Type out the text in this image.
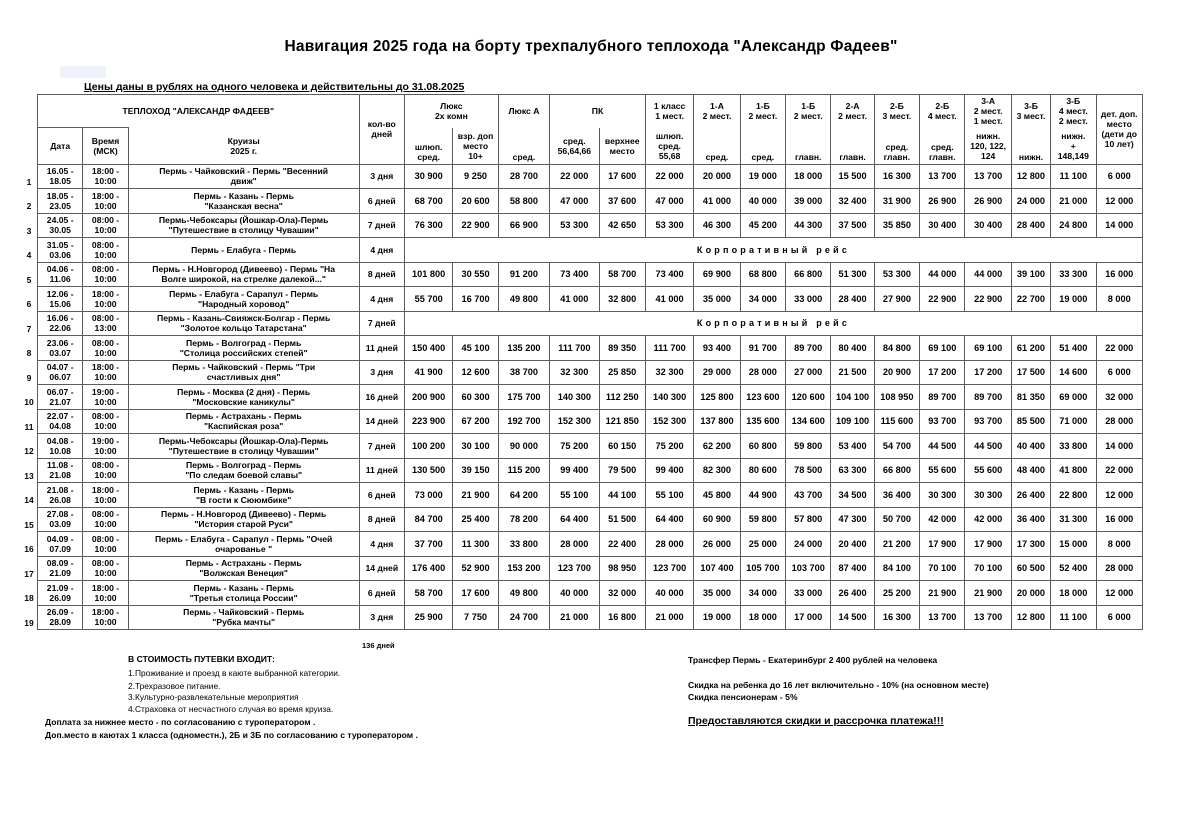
Навигация 2025 года на борту трехпалубного теплохода "Александр Фадеев"
Цены даны в рублях на одного человека и действительны до 31.08.2025
ТЕПЛОХОД "АЛЕКСАНДР ФАДЕЕВ"			кол-во
дней	Люкс
2х комн		Люкс А	ПК		1 класс
1 мест.	1-А
2 мест.	1-Б
2 мест.	1-Б
2 мест.	2-А
2 мест.	2-Б
3 мест.	2-Б
4 мест.	3-А
2 мест.
1 мест.	3-Б
3 мест.	3-Б
4 мест.
2 мест.	дет. доп.
место
(дети до
10 лет)
Дата	Время
(МСК)	Круизы
2025 г.		шлюп.
сред.	взр. доп
место
10+	сред.	сред.
56,64,66	верхнее
место	шлюп.
сред.
55,68	сред.	сред.	главн.	главн.	сред.
главн.	сред.
главн.	нижн.
120, 122,
124	нижн.	нижн.
+
148,149	
16.05 -
18.05	18:00 -
10:00	Пермь - Чайковский - Пермь "Весенний
движ"	3 дня	30 900	9 250	28 700	22 000	17 600	22 000	20 000	19 000	18 000	15 500	16 300	13 700	13 700	12 800	11 100	6 000
18.05 -
23.05	18:00 -
10:00	Пермь - Казань - Пермь
"Казанская весна"	6 дней	68 700	20 600	58 800	47 000	37 600	47 000	41 000	40 000	39 000	32 400	31 900	26 900	26 900	24 000	21 000	12 000
24.05 -
30.05	08:00 -
10:00	Пермь-Чебоксары (Йошкар-Ола)-Пермь
"Путешествие в столицу Чувашии"	7 дней	76 300	22 900	66 900	53 300	42 650	53 300	46 300	45 200	44 300	37 500	35 850	30 400	30 400	28 400	24 800	14 000
31.05 -
03.06	08:00 -
10:00	Пермь - Елабуга - Пермь	4 дня	Корпоративный рейс															
04.06 -
11.06	08:00 -
10:00	Пермь - Н.Новгород (Дивеево) - Пермь "На
Волге широкой, на стрелке далекой..."	8 дней	101 800	30 550	91 200	73 400	58 700	73 400	69 900	68 800	66 800	51 300	53 300	44 000	44 000	39 100	33 300	16 000
12.06 -
15.06	18:00 -
10:00	Пермь - Елабуга - Сарапул - Пермь
"Народный хоровод"	4 дня	55 700	16 700	49 800	41 000	32 800	41 000	35 000	34 000	33 000	28 400	27 900	22 900	22 900	22 700	19 000	8 000
16.06 -
22.06	08:00 -
13:00	Пермь - Казань-Свияжск-Болгар - Пермь
"Золотое кольцо Татарстана"	7 дней	Корпоративный рейс															
23.06 -
03.07	08:00 -
10:00	Пермь - Волгоград - Пермь
"Столица российских степей"	11 дней	150 400	45 100	135 200	111 700	89 350	111 700	93 400	91 700	89 700	80 400	84 800	69 100	69 100	61 200	51 400	22 000
04.07 -
06.07	18:00 -
10:00	Пермь - Чайковский - Пермь "Три
счастливых дня"	3 дня	41 900	12 600	38 700	32 300	25 850	32 300	29 000	28 000	27 000	21 500	20 900	17 200	17 200	17 500	14 600	6 000
06.07 -
21.07	19:00 -
10:00	Пермь - Москва (2 дня) - Пермь
"Московские каникулы"	16 дней	200 900	60 300	175 700	140 300	112 250	140 300	125 800	123 600	120 600	104 100	108 950	89 700	89 700	81 350	69 000	32 000
22.07 -
04.08	08:00 -
10:00	Пермь - Астрахань - Пермь
"Каспийская роза"	14 дней	223 900	67 200	192 700	152 300	121 850	152 300	137 800	135 600	134 600	109 100	115 600	93 700	93 700	85 500	71 000	28 000
04.08 -
10.08	19:00 -
10:00	Пермь-Чебоксары (Йошкар-Ола)-Пермь
"Путешествие в столицу Чувашии"	7 дней	100 200	30 100	90 000	75 200	60 150	75 200	62 200	60 800	59 800	53 400	54 700	44 500	44 500	40 400	33 800	14 000
11.08 -
21.08	08:00 -
10:00	Пермь - Волгоград - Пермь
"По следам боевой славы"	11 дней	130 500	39 150	115 200	99 400	79 500	99 400	82 300	80 600	78 500	63 300	66 800	55 600	55 600	48 400	41 800	22 000
21.08 -
26.08	18:00 -
10:00	Пермь - Казань - Пермь
"В гости к Сююмбике"	6 дней	73 000	21 900	64 200	55 100	44 100	55 100	45 800	44 900	43 700	34 500	36 400	30 300	30 300	26 400	22 800	12 000
27.08 -
03.09	08:00 -
10:00	Пермь - Н.Новгород (Дивеево) - Пермь
"История старой Руси"	8 дней	84 700	25 400	78 200	64 400	51 500	64 400	60 900	59 800	57 800	47 300	50 700	42 000	42 000	36 400	31 300	16 000
04.09 -
07.09	08:00 -
10:00	Пермь - Елабуга - Сарапул - Пермь "Очей
очарованье "	4 дня	37 700	11 300	33 800	28 000	22 400	28 000	26 000	25 000	24 000	20 400	21 200	17 900	17 900	17 300	15 000	8 000
08.09 -
21.09	08:00 -
10:00	Пермь - Астрахань - Пермь
"Волжская Венеция"	14 дней	176 400	52 900	153 200	123 700	98 950	123 700	107 400	105 700	103 700	87 400	84 100	70 100	70 100	60 500	52 400	28 000
21.09 -
26.09	18:00 -
10:00	Пермь - Казань - Пермь
"Третья столица России"	6 дней	58 700	17 600	49 800	40 000	32 000	40 000	35 000	34 000	33 000	26 400	25 200	21 900	21 900	20 000	18 000	12 000
26.09 -
28.09	18:00 -
10:00	Пермь - Чайковский - Пермь
"Рубка мачты"	3 дня	25 900	7 750	24 700	21 000	16 800	21 000	19 000	18 000	17 000	14 500	16 300	13 700	13 700	12 800	11 100	6 000
1
2
3
4
5
6
7
8
9
10
11
12
13
14
15
16
17
18
19
136 дней
В СТОИМОСТЬ ПУТЕВКИ ВХОДИТ:
1.Проживание и проезд в каюте выбранной категории.
2.Трехразовое питание.
3.Культурно-развлекательные мероприятия
4.Страховка от несчастного случая во время круиза.
Доплата за нижнее место - по согласованию с туроператором .
Доп.место в каютах 1 класса (одноместн.), 2Б и 3Б по согласованию с туроператором .
Трансфер Пермь - Екатеринбург 2 400 рублей на человека
Скидка на ребенка до 16 лет включительно - 10% (на основном месте)
Скидка пенсионерам - 5%
Предоставляются скидки и рассрочка платежа!!!
